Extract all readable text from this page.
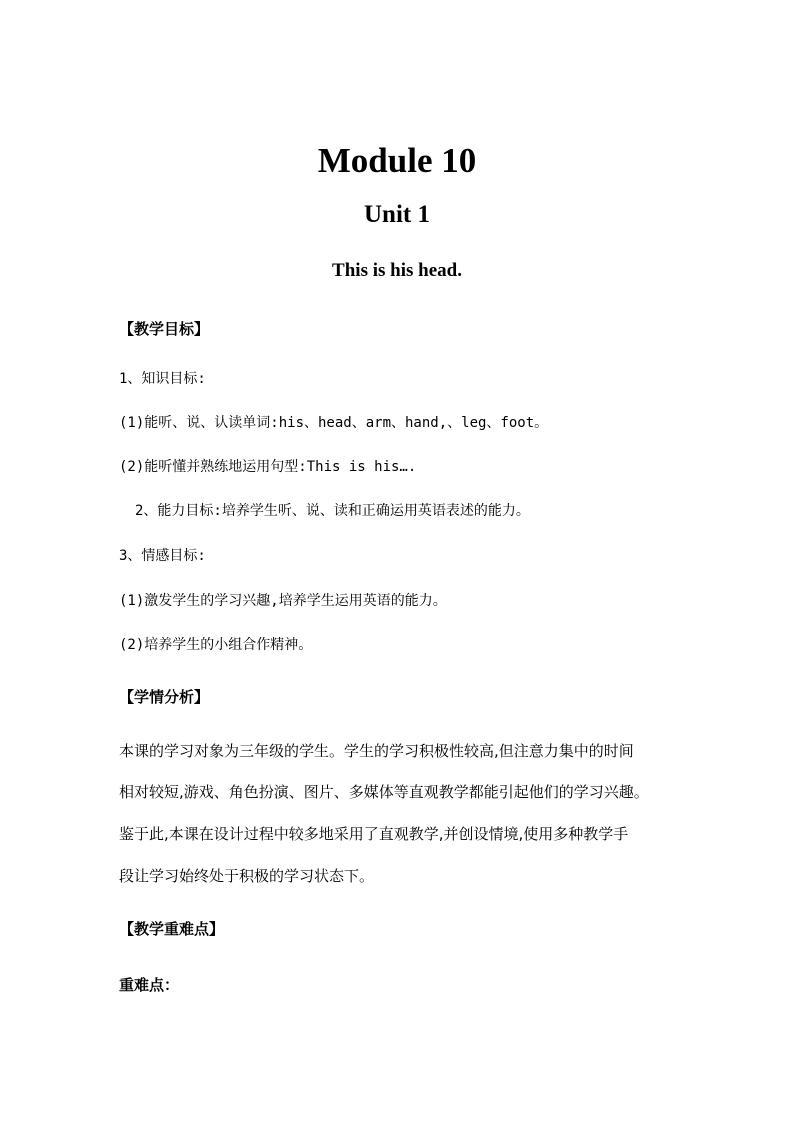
Module 10
Unit 1
This is his head.
【教学目标】
1、知识目标:
(1)能听、说、认读单词:his、head、arm、hand,、leg、foot。
(2)能听懂并熟练地运用句型:This is his….
2、能力目标:培养学生听、说、读和正确运用英语表述的能力。
3、情感目标:
(1)激发学生的学习兴趣,培养学生运用英语的能力。
(2)培养学生的小组合作精神。
【学情分析】
本课的学习对象为三年级的学生。学生的学习积极性较高,但注意力集中的时间
相对较短,游戏、角色扮演、图片、多媒体等直观教学都能引起他们的学习兴趣。
鉴于此,本课在设计过程中较多地采用了直观教学,并创设情境,使用多种教学手
段让学习始终处于积极的学习状态下。
【教学重难点】
重难点：
